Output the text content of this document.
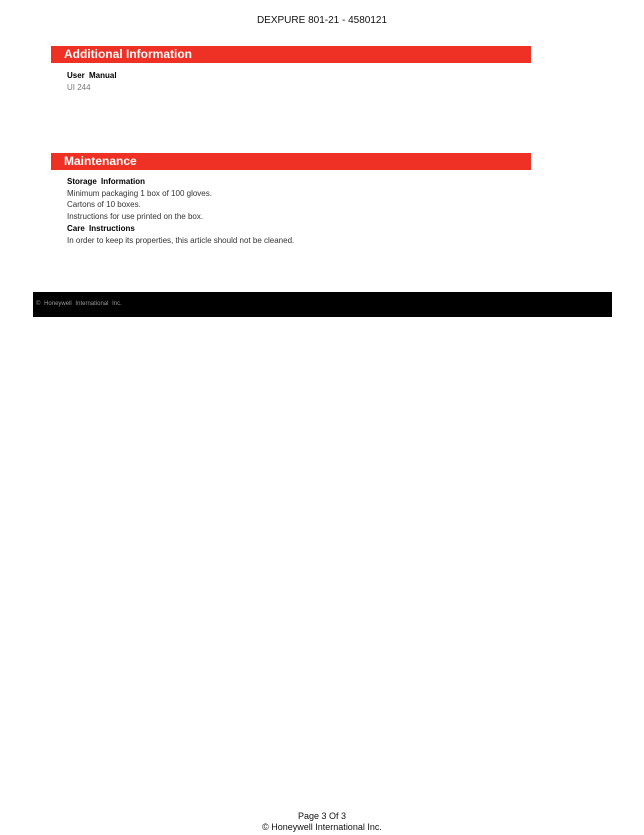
DEXPURE 801-21 - 4580121
Additional Information
User Manual
UI 244
Maintenance
Storage Information
Minimum packaging 1 box of 100 gloves.
Cartons of 10 boxes.
Instructions for use printed on the box.
Care Instructions
In order to keep its properties, this article should not be cleaned.
© Honeywell International Inc.
Page 3 Of 3
© Honeywell International Inc.
